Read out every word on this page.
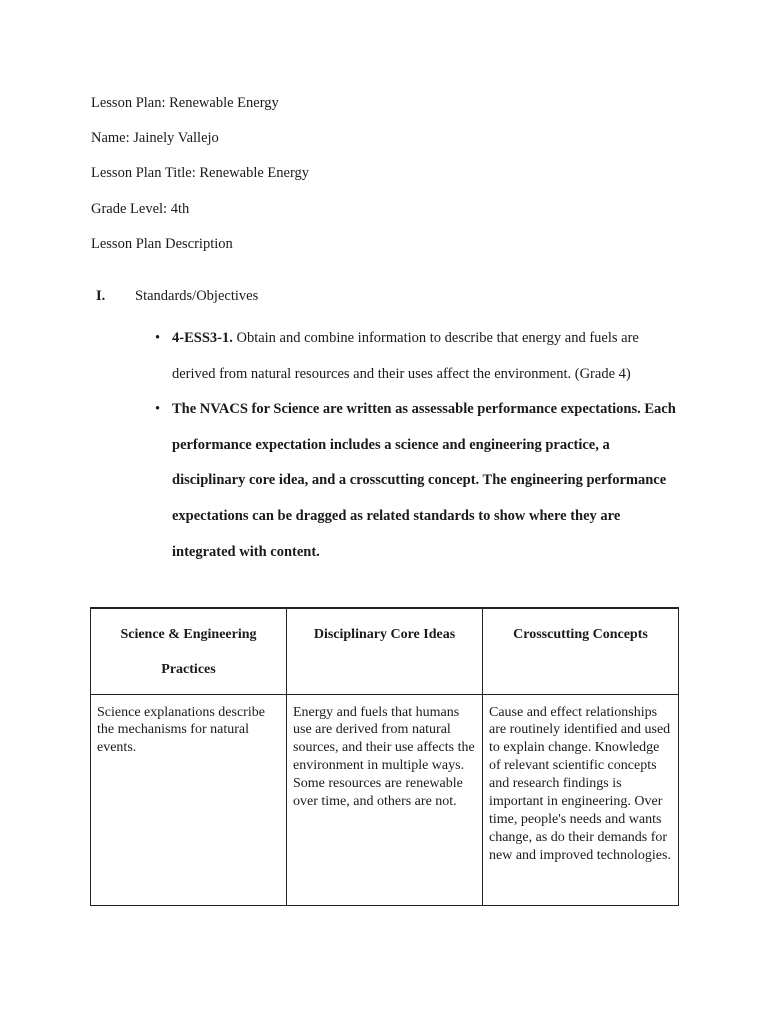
Lesson Plan: Renewable Energy
Name: Jainely Vallejo
Lesson Plan Title: Renewable Energy
Grade Level: 4th
Lesson Plan Description
I. Standards/Objectives
• 4-ESS3-1. Obtain and combine information to describe that energy and fuels are derived from natural resources and their uses affect the environment. (Grade 4)
• The NVACS for Science are written as assessable performance expectations. Each performance expectation includes a science and engineering practice, a disciplinary core idea, and a crosscutting concept. The engineering performance expectations can be dragged as related standards to show where they are integrated with content.
Science & Engineering Practices	Disciplinary Core Ideas	Crosscutting Concepts
Science explanations describe the mechanisms for natural events.	Energy and fuels that humans use are derived from natural sources, and their use affects the environment in multiple ways. Some resources are renewable over time, and others are not.	Cause and effect relationships are routinely identified and used to explain change. Knowledge of relevant scientific concepts and research findings is important in engineering. Over time, people's needs and wants change, as do their demands for new and improved technologies.
